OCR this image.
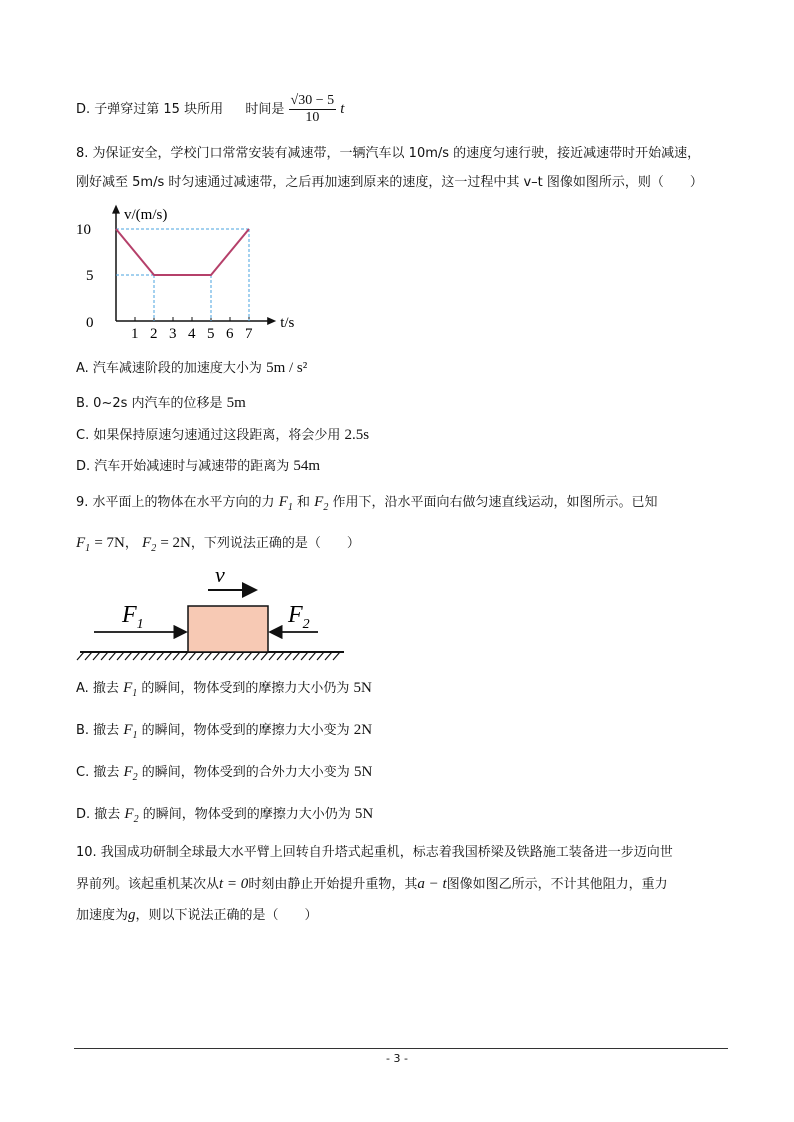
D. 子弹穿过第 15 块所用 时间是 $\frac{√30 - 5}{10}$ t
8. 为保证安全，学校门口常常安装有减速带，一辆汽车以 10m/s 的速度匀速行驶，接近减速带时开始减速，
刚好减至 5m/s 时匀速通过减速带，之后再加速到原来的速度，这一过程中其 v–t 图像如图所示，则（　　）
v/(m/s)
t/s
0
1 2 3 4 5 6 7
5
10
A. 汽车减速阶段的加速度大小为 5m / s²
B. 0~2s 内汽车的位移是 5m
C. 如果保持原速匀速通过这段距离，将会少用 2.5s
D. 汽车开始减速时与减速带的距离为 54m
9. 水平面上的物体在水平方向的力 $F_1$ 和 $F_2$ 作用下，沿水平面向右做匀速直线运动，如图所示。已知
$F_1 = 7N$， $F_2 = 2N$，下列说法正确的是（　　）
v
$F_1$	$F_2$
A. 撤去 $F_1$ 的瞬间，物体受到的摩擦力大小仍为 5N
B. 撤去 $F_1$ 的瞬间，物体受到的摩擦力大小变为 2N
C. 撤去 $F_2$ 的瞬间，物体受到的合外力大小变为 5N
D. 撤去 $F_2$ 的瞬间，物体受到的摩擦力大小仍为 5N
10. 我国成功研制全球最大水平臂上回转自升塔式起重机，标志着我国桥梁及铁路施工装备进一步迈向世
界前列。该起重机某次从t = 0时刻由静止开始提升重物，其a − t图像如图乙所示，不计其他阻力，重力
加速度为g，则以下说法正确的是（　　）
- 3 -
